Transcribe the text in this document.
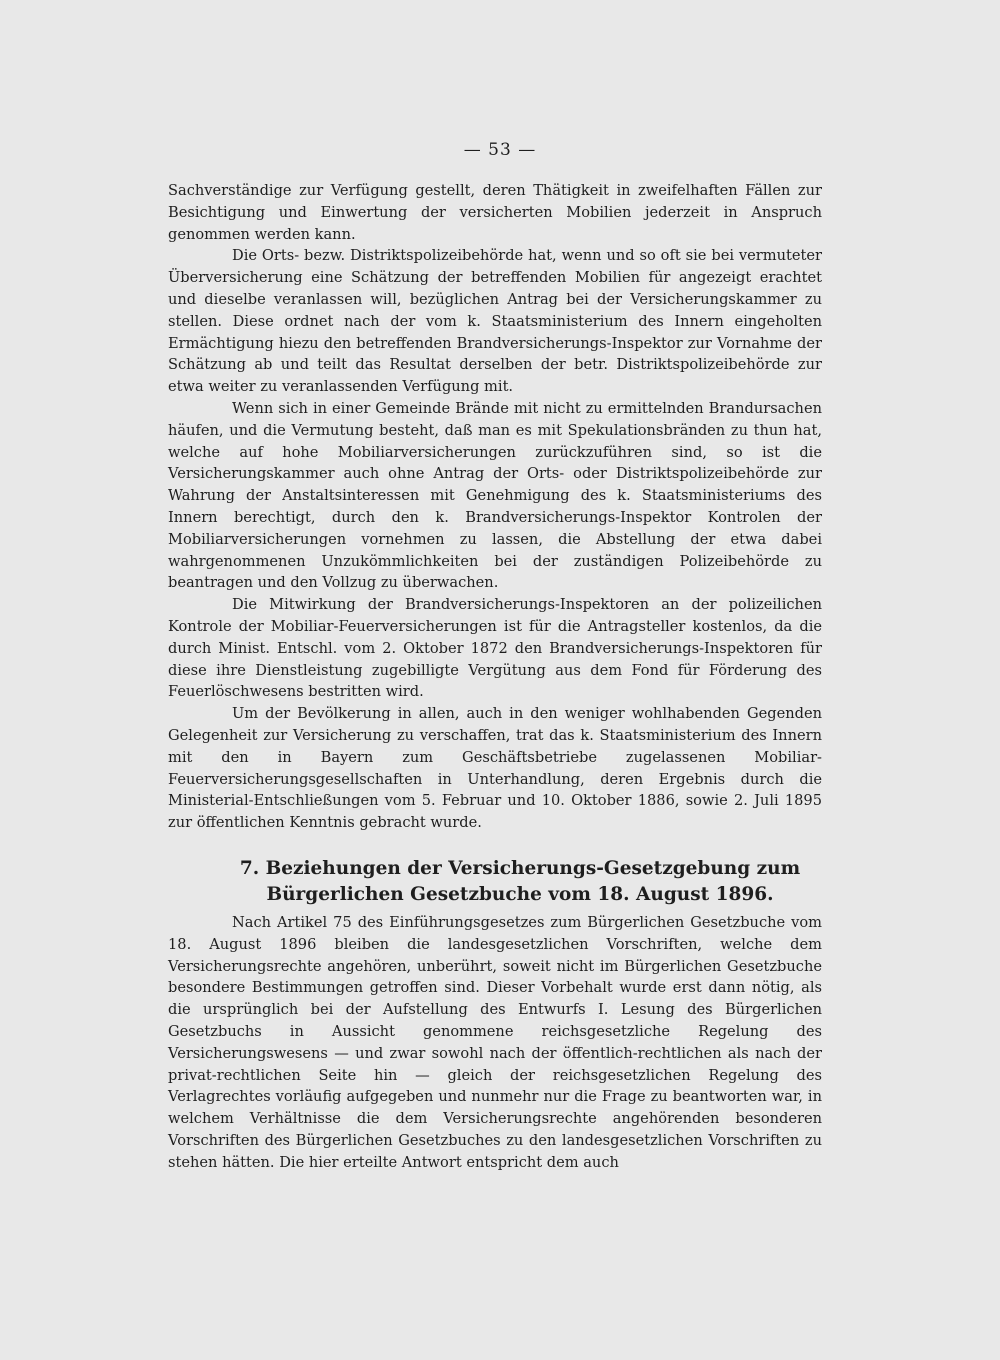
— 53 —

Sachverständige zur Verfügung gestellt, deren Thätigkeit in zweifelhaften Fällen zur Besichtigung und Einwertung der versicherten Mobilien jederzeit in Anspruch genommen werden kann.

Die Orts- bezw. Distriktspolizeibehörde hat, wenn und so oft sie bei vermuteter Überversicherung eine Schätzung der betreffenden Mobilien für angezeigt erachtet und dieselbe veranlassen will, bezüglichen Antrag bei der Versicherungskammer zu stellen. Diese ordnet nach der vom k. Staatsministerium des Innern eingeholten Ermächtigung hiezu den betreffenden Brandversicherungs-Inspektor zur Vornahme der Schätzung ab und teilt das Resultat derselben der betr. Distriktspolizeibehörde zur etwa weiter zu veranlassenden Verfügung mit.

Wenn sich in einer Gemeinde Brände mit nicht zu ermittelnden Brandursachen häufen, und die Vermutung besteht, daß man es mit Spekulationsbränden zu thun hat, welche auf hohe Mobiliarversicherungen zurückzuführen sind, so ist die Versicherungskammer auch ohne Antrag der Orts- oder Distriktspolizeibehörde zur Wahrung der Anstaltsinteressen mit Genehmigung des k. Staatsministeriums des Innern berechtigt, durch den k. Brandversicherungs-Inspektor Kontrolen der Mobiliarversicherungen vornehmen zu lassen, die Abstellung der etwa dabei wahrgenommenen Unzukömmlichkeiten bei der zuständigen Polizeibehörde zu beantragen und den Vollzug zu überwachen.

Die Mitwirkung der Brandversicherungs-Inspektoren an der polizeilichen Kontrole der Mobiliar-Feuerversicherungen ist für die Antragsteller kostenlos, da die durch Minist. Entschl. vom 2. Oktober 1872 den Brandversicherungs-Inspektoren für diese ihre Dienstleistung zugebilligte Vergütung aus dem Fond für Förderung des Feuerlöschwesens bestritten wird.

Um der Bevölkerung in allen, auch in den weniger wohlhabenden Gegenden Gelegenheit zur Versicherung zu verschaffen, trat das k. Staatsministerium des Innern mit den in Bayern zum Geschäftsbetriebe zugelassenen Mobiliar-Feuerversicherungsgesellschaften in Unterhandlung, deren Ergebnis durch die Ministerial-Entschließungen vom 5. Februar und 10. Oktober 1886, sowie 2. Juli 1895 zur öffentlichen Kenntnis gebracht wurde.

7. Beziehungen der Versicherungs-Gesetzgebung zum Bürgerlichen Gesetzbuche vom 18. August 1896.

Nach Artikel 75 des Einführungsgesetzes zum Bürgerlichen Gesetzbuche vom 18. August 1896 bleiben die landesgesetzlichen Vorschriften, welche dem Versicherungsrechte angehören, unberührt, soweit nicht im Bürgerlichen Gesetzbuche besondere Bestimmungen getroffen sind. Dieser Vorbehalt wurde erst dann nötig, als die ursprünglich bei der Aufstellung des Entwurfs I. Lesung des Bürgerlichen Gesetzbuchs in Aussicht genommene reichsgesetzliche Regelung des Versicherungswesens — und zwar sowohl nach der öffentlich-rechtlichen als nach der privat-rechtlichen Seite hin — gleich der reichsgesetzlichen Regelung des Verlagrechtes vorläufig aufgegeben und nunmehr nur die Frage zu beantworten war, in welchem Verhältnisse die dem Versicherungsrechte angehörenden besonderen Vorschriften des Bürgerlichen Gesetzbuches zu den landesgesetzlichen Vorschriften zu stehen hätten. Die hier erteilte Antwort entspricht dem auch
